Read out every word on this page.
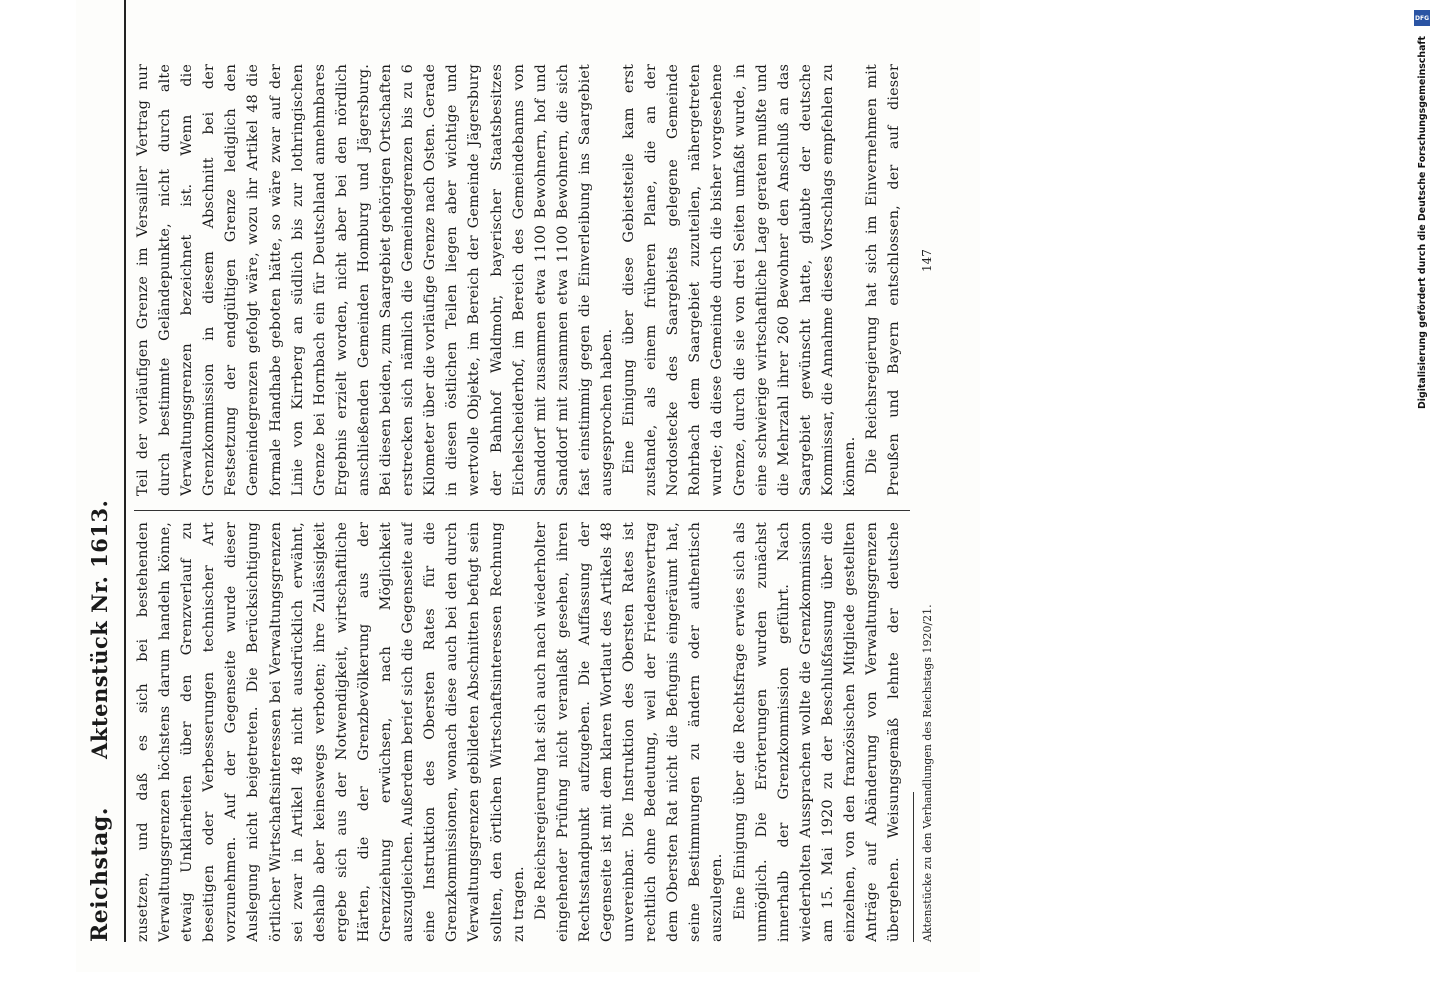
Reichstag. Aktenstück Nr. 1613. zusetzen, und daß es sich bei bestehenden Verwaltungsgrenzen höchstens darum handeln könne, etwaig Unklarheiten über den Grenzverlauf zu beseitigen oder Verbesserungen technischer Art vorzunehmen. Auf der Gegenseite wurde dieser Auslegung nicht beigetreten. Die Berücksichtigung örtlicher Wirtschaftsinteressen bei Verwaltungsgrenzen sei zwar in Artikel 48 nicht ausdrücklich erwähnt, deshalb aber keineswegs verboten; ihre Zulässigkeit ergebe sich aus der Notwendigkeit, wirtschaftliche Härten, die der Grenzbevölkerung aus der Grenzziehung erwüchsen, nach Möglichkeit auszugleichen. Außerdem berief sich die Gegenseite auf eine Instruktion des Obersten Rates für die Grenzkommissionen, wonach diese auch bei den durch Verwaltungsgrenzen gebildeten Abschnitten befugt sein sollten, den örtlichen Wirtschaftsinteressen Rechnung zu tragen. Die Reichsregierung hat sich auch nach wiederholter eingehender Prüfung nicht veranlaßt gesehen, ihren Rechtsstandpunkt aufzugeben. Die Auffassung der Gegenseite ist mit dem klaren Wortlaut des Artikels 48 unvereinbar. Die Instruktion des Obersten Rates ist rechtlich ohne Bedeutung, weil der Friedensvertrag dem Obersten Rat nicht die Befugnis eingeräumt hat, seine Bestimmungen zu ändern oder authentisch auszulegen. Eine Einigung über die Rechtsfrage erwies sich als unmöglich. Die Erörterungen wurden zunächst innerhalb der Grenzkommission geführt. Nach wiederholten Aussprachen wollte die Grenzkommission am 15. Mai 1920 zu der Beschlußfassung über die einzelnen, von den französischen Mitgliede gestellten Anträge auf Abänderung von Verwaltungsgrenzen übergehen. Weisungsgemäß lehnte der deutsche

Teil der vorläufigen Grenze im Versailler Vertrag nur durch bestimmte Geländepunkte, nicht durch alte Verwaltungsgrenzen bezeichnet ist. Wenn die Grenzkommission in diesem Abschnitt bei der Festsetzung der endgültigen Grenze lediglich den Gemeindegrenzen gefolgt wäre, wozu ihr Artikel 48 die formale Handhabe geboten hätte, so wäre zwar auf der Linie von Kirrberg an südlich bis zur lothringischen Grenze bei Hornbach ein für Deutschland annehmbares Ergebnis erzielt worden, nicht aber bei den nördlich anschließenden Gemeinden Homburg und Jägersburg. Bei diesen beiden, zum Saargebiet gehörigen Ortschaften erstrecken sich nämlich die Gemeindegrenzen bis zu 6 Kilometer über die vorläufige Grenze nach Osten. Gerade in diesen östlichen Teilen liegen aber wichtige und wertvolle Objekte, im Bereich der Gemeinde Jägersburg der Bahnhof Waldmohr, bayerischer Staatsbesitzes Eichelscheiderhof, im Bereich des Gemeindebanns von Sanddorf mit zusammen etwa 1100 Bewohnern, hof und Sanddorf mit zusammen etwa 1100 Bewohnern, die sich fast einstimmig gegen die Einverleibung ins Saargebiet ausgesprochen haben. Eine Einigung über diese Gebietsteile kam erst zustande, als einem früheren Plane, die an der Nordostecke des Saargebiets gelegene Gemeinde Rohrbach dem Saargebiet zuzuteilen, nähergetreten wurde; da diese Gemeinde durch die bisher vorgesehene Grenze, durch die sie von drei Seiten umfaßt wurde, in eine schwierige wirtschaftliche Lage geraten mußte und die Mehrzahl ihrer 260 Bewohner den Anschluß an das Saargebiet gewünscht hatte, glaubte der deutsche Kommissar, die Annahme dieses Vorschlags empfehlen zu können. Die Reichsregierung hat sich im Einvernehmen mit Preußen und Bayern entschlossen, der auf dieser

Aktenstücke zu den Verhandlungen des Reichstags 1920/21.
147
DFG
Digitalisierung gefördert durch die Deutsche Forschungsgemeinschaft
